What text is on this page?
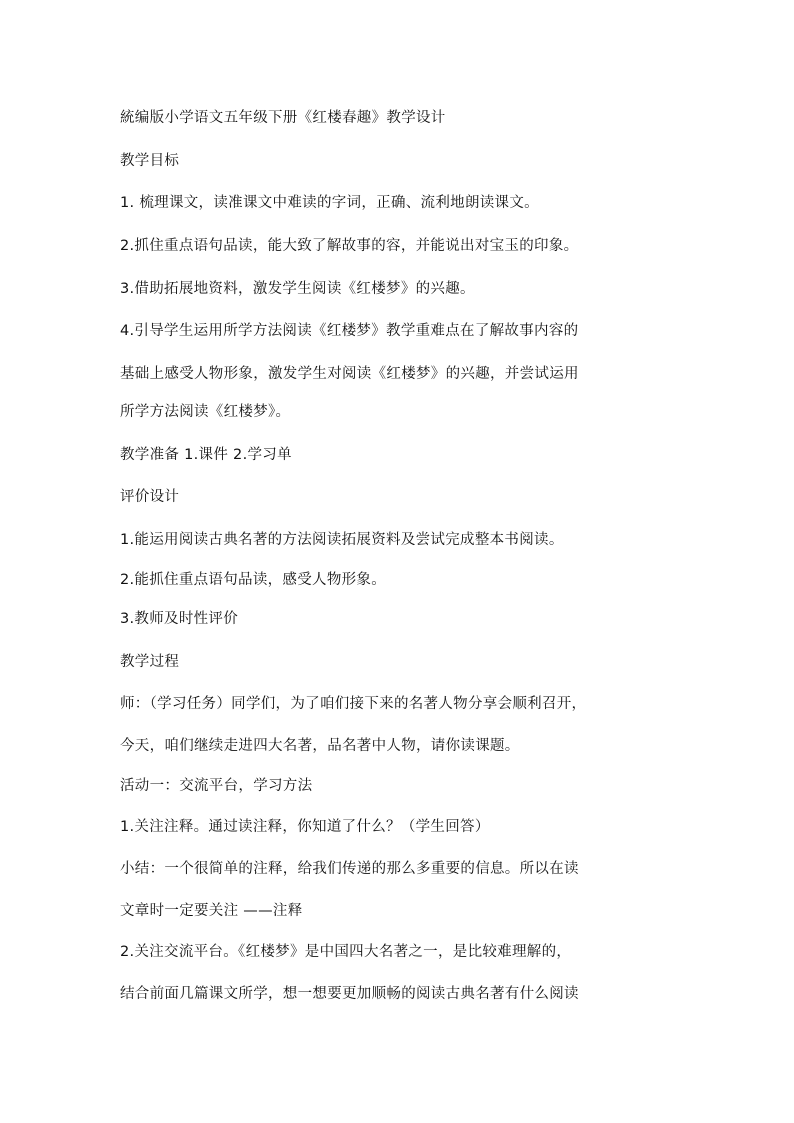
統编版小学语文五年级下册《红楼春趣》教学设计
教学目标
1. 梳理课文，读准课文中难读的字词，正确、流利地朗读课文。
2.抓住重点语句品读，能大致了解故事的容，并能说出对宝玉的印象。
3.借助拓展地资料，激发学生阅读《红楼梦》的兴趣。
4.引导学生运用所学方法阅读《红楼梦》教学重难点在了解故事内容的
基础上感受人物形象，激发学生对阅读《红楼梦》的兴趣，并尝试运用
所学方法阅读《红楼梦》。
教学准备 1.课件 2.学习单
评价设计
1.能运用阅读古典名著的方法阅读拓展资料及尝试完成整本书阅读。
2.能抓住重点语句品读，感受人物形象。
3.教师及时性评价
教学过程
师：（学习任务）同学们，为了咱们接下来的名著人物分享会顺利召开，
今天，咱们继续走进四大名著，品名著中人物，请你读课题。
活动一：交流平台，学习方法
1.关注注释。通过读注释，你知道了什么？（学生回答）
小结：一个很简单的注释，给我们传递的那么多重要的信息。所以在读
文章时一定要关注 ——注释
2.关注交流平台。《红楼梦》是中国四大名著之一，是比较难理解的，
结合前面几篇课文所学，想一想要更加顺畅的阅读古典名著有什么阅读
